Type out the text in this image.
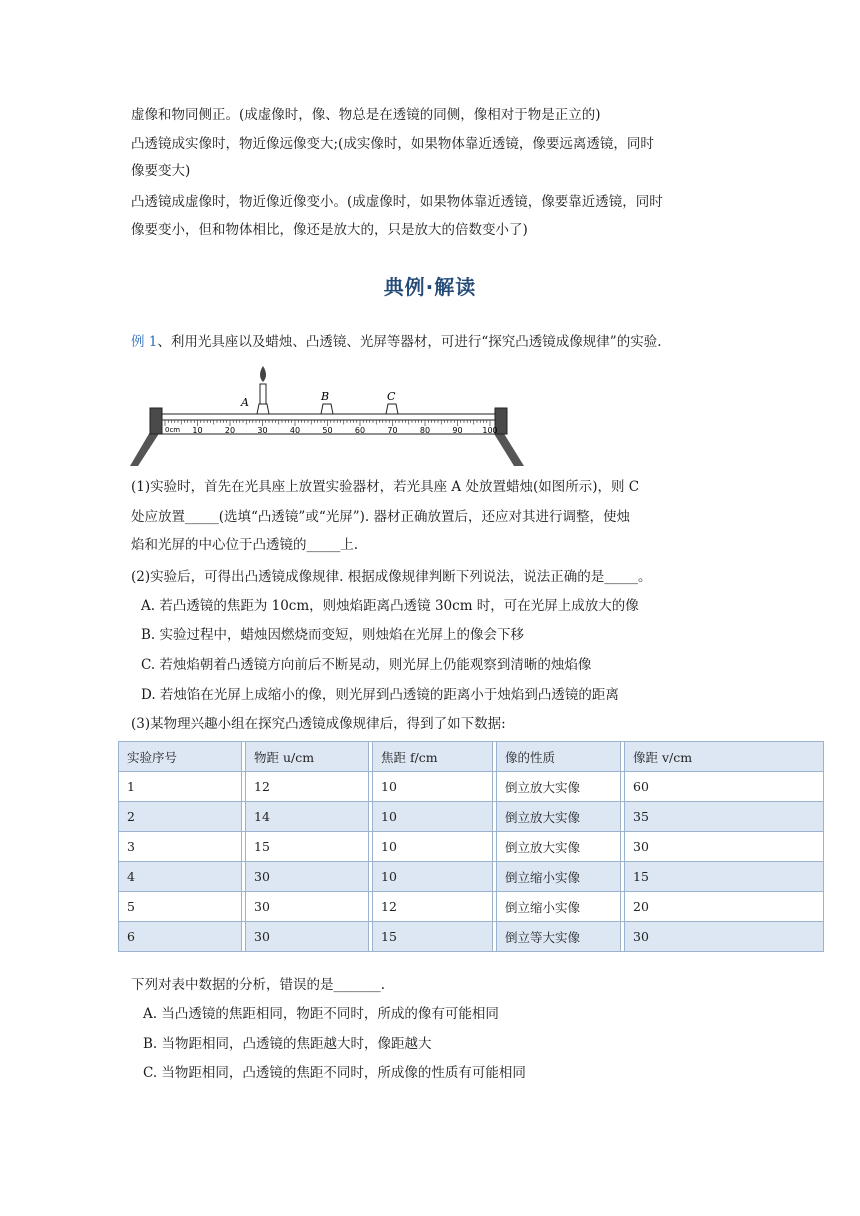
虚像和物同侧正。(成虚像时，像、物总是在透镜的同侧，像相对于物是正立的)
凸透镜成实像时，物近像远像变大;(成实像时，如果物体靠近透镜，像要远离透镜，同时
像要变大)
凸透镜成虚像时，物近像近像变小。(成虚像时，如果物体靠近透镜，像要靠近透镜，同时
像要变小，但和物体相比，像还是放大的，只是放大的倍数变小了)
典例·解读
例 1、利用光具座以及蜡烛、凸透镜、光屏等器材，可进行“探究凸透镜成像规律”的实验.
0cm 10	20	30	40	50	60	70	80	90 100
A	B	C
(1)实验时，首先在光具座上放置实验器材，若光具座 A 处放置蜡烛(如图所示)，则 C
处应放置_____(选填“凸透镜”或“光屏”). 器材正确放置后，还应对其进行调整，使烛
焰和光屏的中心位于凸透镜的_____上.
(2)实验后，可得出凸透镜成像规律. 根据成像规律判断下列说法，说法正确的是_____。
A. 若凸透镜的焦距为 10cm，则烛焰距离凸透镜 30cm 时，可在光屏上成放大的像
B. 实验过程中，蜡烛因燃烧而变短，则烛焰在光屏上的像会下移
C. 若烛焰朝着凸透镜方向前后不断晃动，则光屏上仍能观察到清晰的烛焰像
D. 若烛馅在光屏上成缩小的像，则光屏到凸透镜的距离小于烛焰到凸透镜的距离
(3)某物理兴趣小组在探究凸透镜成像规律后，得到了如下数据:
实验序号		物距 u/cm		焦距 f/cm		像的性质		像距 v/cm
1		12		10		倒立放大实像		60
2		14		10		倒立放大实像		35
3		15		10		倒立放大实像		30
4		30		10		倒立缩小实像		15
5		30		12		倒立缩小实像		20
6		30		15		倒立等大实像		30
下列对表中数据的分析，错误的是_______.
A. 当凸透镜的焦距相同，物距不同时，所成的像有可能相同
B. 当物距相同，凸透镜的焦距越大时，像距越大
C. 当物距相同，凸透镜的焦距不同时，所成像的性质有可能相同
